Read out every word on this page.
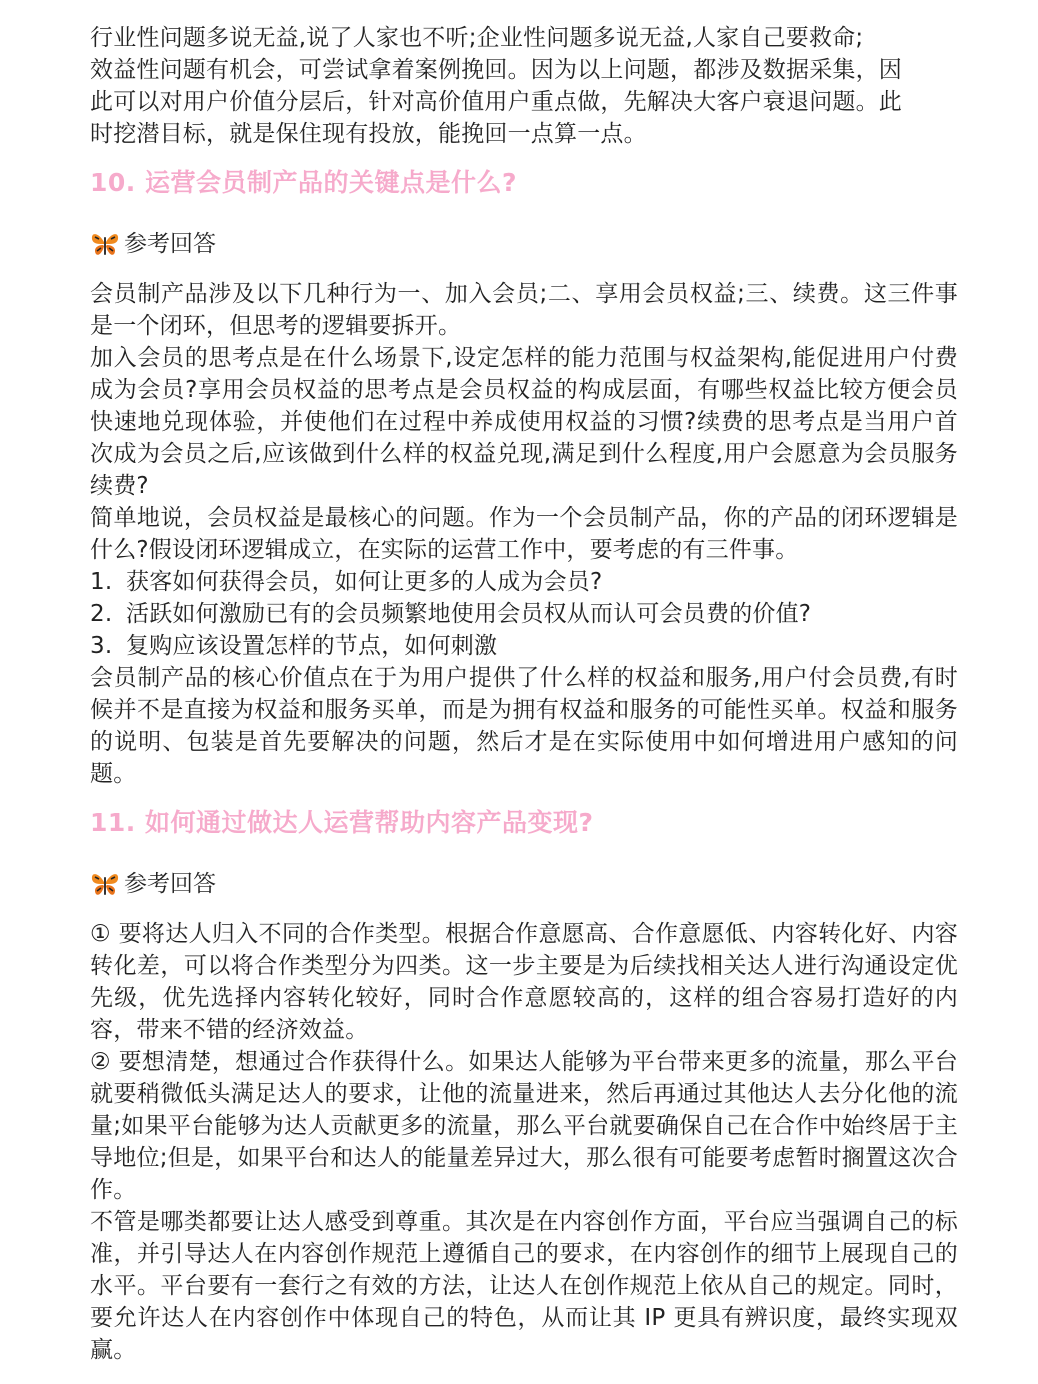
行业性问题多说无益,说了人家也不听;企业性问题多说无益,人家自己要救命;
效益性问题有机会，可尝试拿着案例挽回。因为以上问题，都涉及数据采集，因
此可以对用户价值分层后，针对高价值用户重点做，先解决大客户衰退问题。此
时挖潜目标，就是保住现有投放，能挽回一点算一点。

10. 运营会员制产品的关键点是什么?
参考回答

会员制产品涉及以下几种行为一、加入会员;二、享用会员权益;三、续费。这三件事是一个闭环，但思考的逻辑要拆开。

加入会员的思考点是在什么场景下,设定怎样的能力范围与权益架构,能促进用户付费成为会员?享用会员权益的思考点是会员权益的构成层面，有哪些权益比较方便会员快速地兑现体验，并使他们在过程中养成使用权益的习惯?续费的思考点是当用户首次成为会员之后,应该做到什么样的权益兑现,满足到什么程度,用户会愿意为会员服务续费?

简单地说，会员权益是最核心的问题。作为一个会员制产品，你的产品的闭环逻辑是什么?假设闭环逻辑成立，在实际的运营工作中，要考虑的有三件事。

1. 获客如何获得会员，如何让更多的人成为会员?

2. 活跃如何激励已有的会员频繁地使用会员权从而认可会员费的价值?

3. 复购应该设置怎样的节点，如何刺激

会员制产品的核心价值点在于为用户提供了什么样的权益和服务,用户付会员费,有时候并不是直接为权益和服务买单，而是为拥有权益和服务的可能性买单。权益和服务的说明、包装是首先要解决的问题，然后才是在实际使用中如何增进用户感知的问题。

11. 如何通过做达人运营帮助内容产品变现?
参考回答

① 要将达人归入不同的合作类型。根据合作意愿高、合作意愿低、内容转化好、内容转化差，可以将合作类型分为四类。这一步主要是为后续找相关达人进行沟通设定优先级，优先选择内容转化较好，同时合作意愿较高的，这样的组合容易打造好的内容，带来不错的经济效益。

② 要想清楚，想通过合作获得什么。如果达人能够为平台带来更多的流量，那么平台就要稍微低头满足达人的要求，让他的流量进来，然后再通过其他达人去分化他的流量;如果平台能够为达人贡献更多的流量，那么平台就要确保自己在合作中始终居于主导地位;但是，如果平台和达人的能量差异过大，那么很有可能要考虑暂时搁置这次合作。

不管是哪类都要让达人感受到尊重。其次是在内容创作方面，平台应当强调自己的标准，并引导达人在内容创作规范上遵循自己的要求，在内容创作的细节上展现自己的水平。平台要有一套行之有效的方法，让达人在创作规范上依从自己的规定。同时，要允许达人在内容创作中体现自己的特色，从而让其 IP 更具有辨识度，最终实现双赢。
